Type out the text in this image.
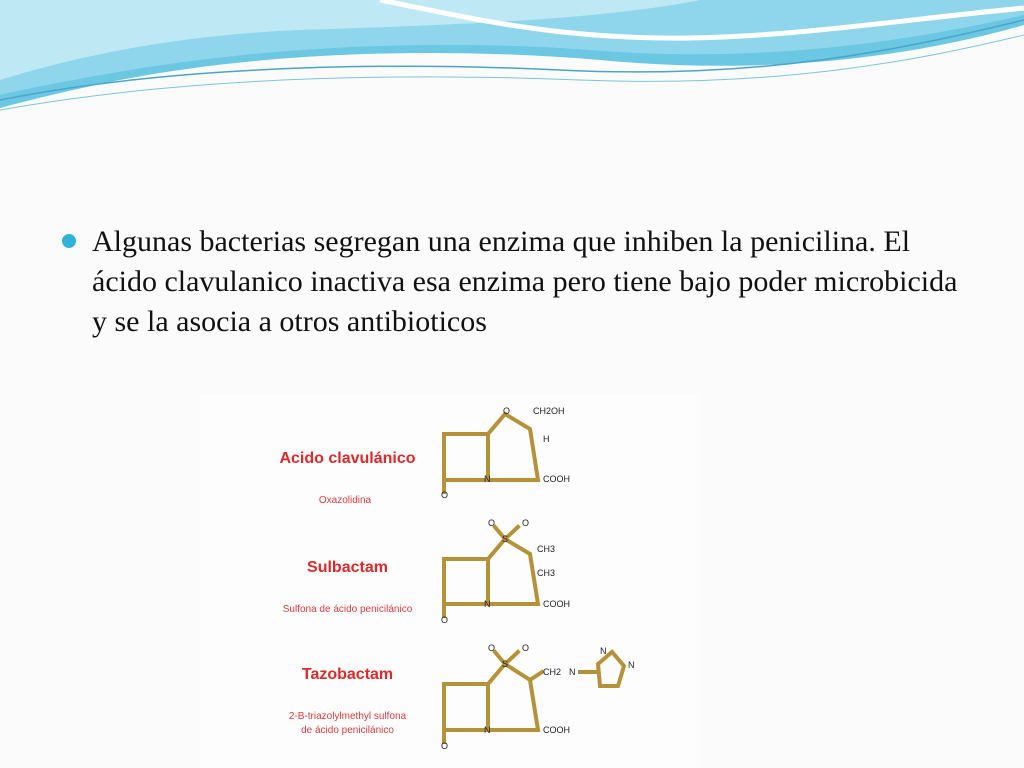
Algunas bacterias segregan una enzima que inhiben la penicilina. El ácido clavulanico inactiva esa enzima pero tiene bajo poder microbicida y se la asocia a otros antibioticos
Acido clavulánico
Oxazolidina
O	CH2OH
H
N	COOH
O
Sulbactam
Sulfona de ácido penicilánico
O	O
S
CH3
CH3
N	COOH
O
Tazobactam
2-B-triazolylmethyl sulfona
de ácido penicilánico
O	O
S
CH2 N
N
N
N	COOH
O
